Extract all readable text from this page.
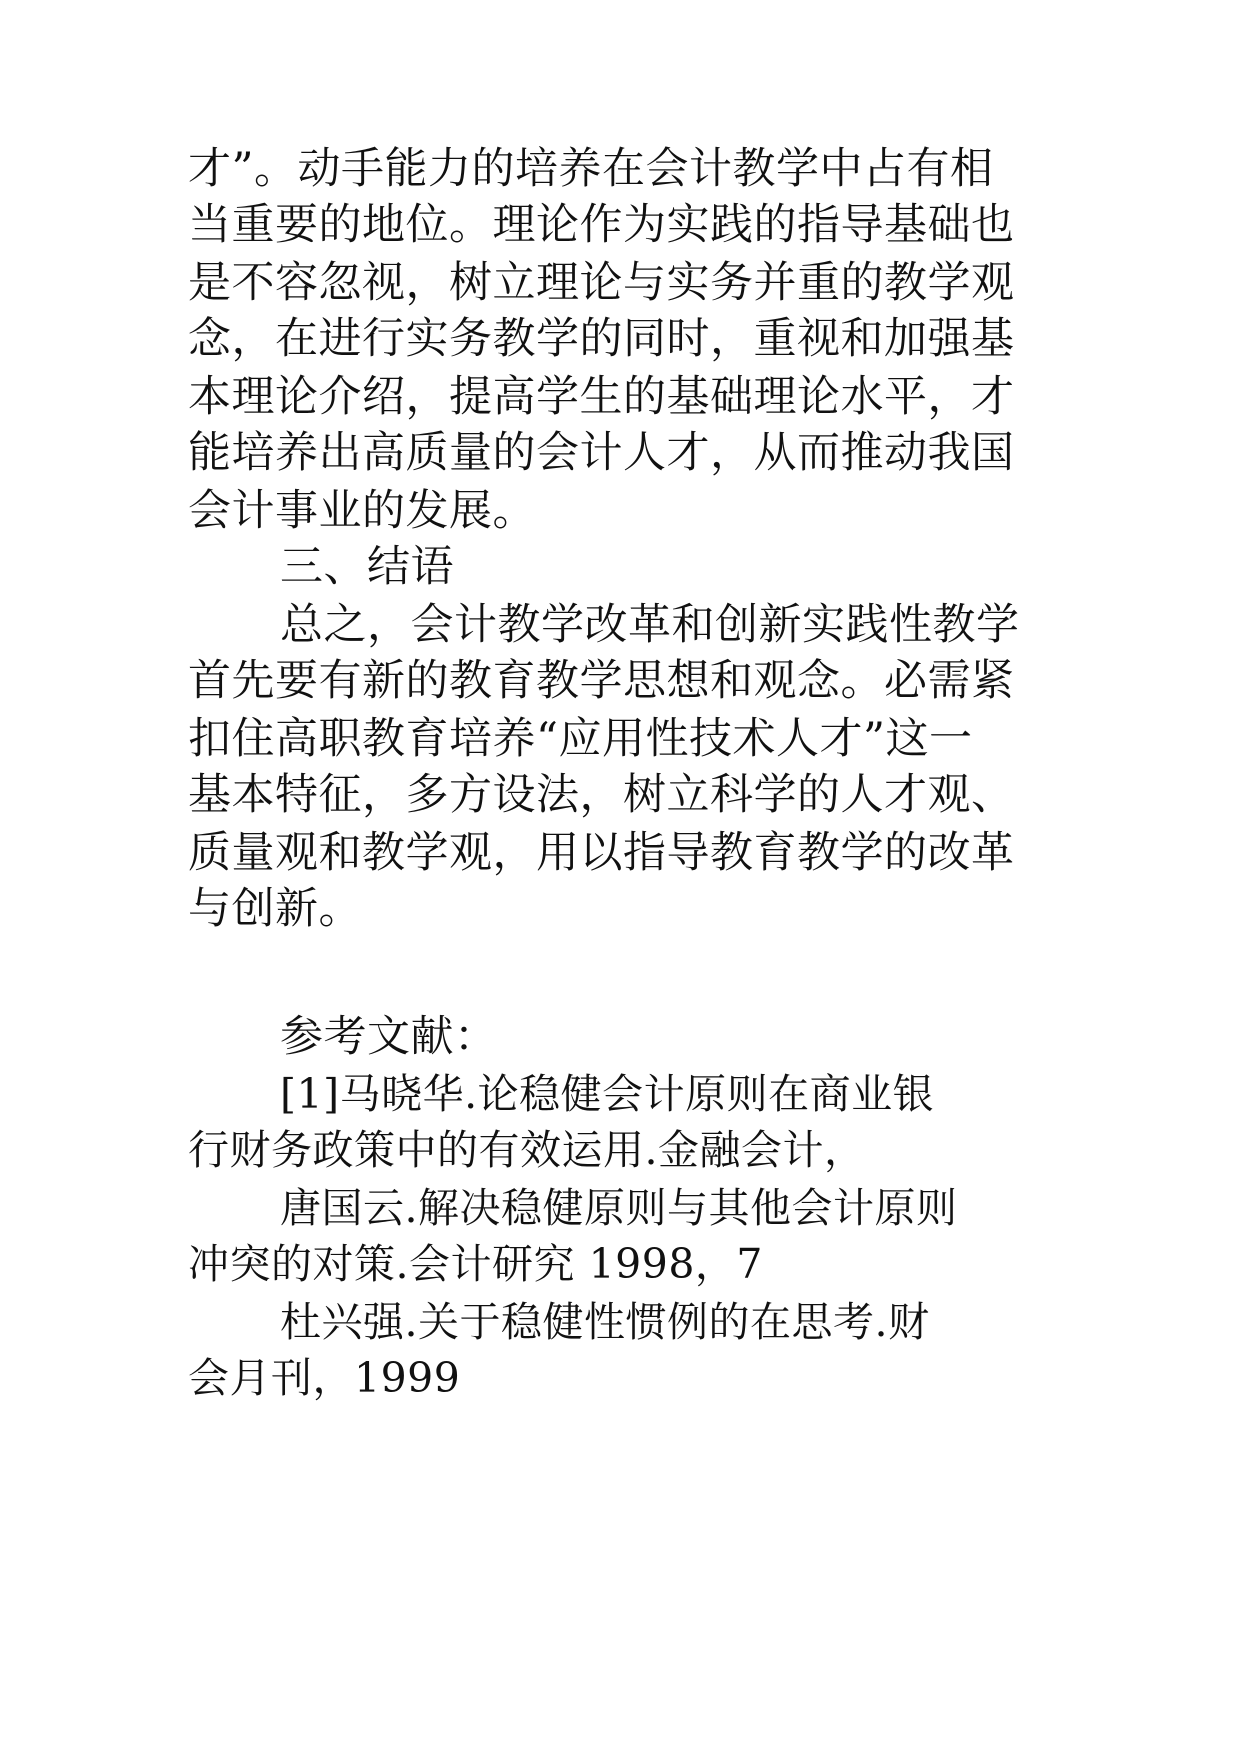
才”。动手能力的培养在会计教学中占有相
当重要的地位。理论作为实践的指导基础也
是不容忽视，树立理论与实务并重的教学观
念，在进行实务教学的同时，重视和加强基
本理论介绍，提高学生的基础理论水平，才
能培养出高质量的会计人才，从而推动我国
会计事业的发展。
三、结语
总之，会计教学改革和创新实践性教学
首先要有新的教育教学思想和观念。必需紧
扣住高职教育培养“应用性技术人才”这一
基本特征，多方设法，树立科学的人才观、
质量观和教学观，用以指导教育教学的改革
与创新。
参考文献：
[1]马晓华.论稳健会计原则在商业银
行财务政策中的有效运用.金融会计，
唐国云.解决稳健原则与其他会计原则
冲突的对策.会计研究 1998，7
杜兴强.关于稳健性惯例的在思考.财
会月刊，1999
